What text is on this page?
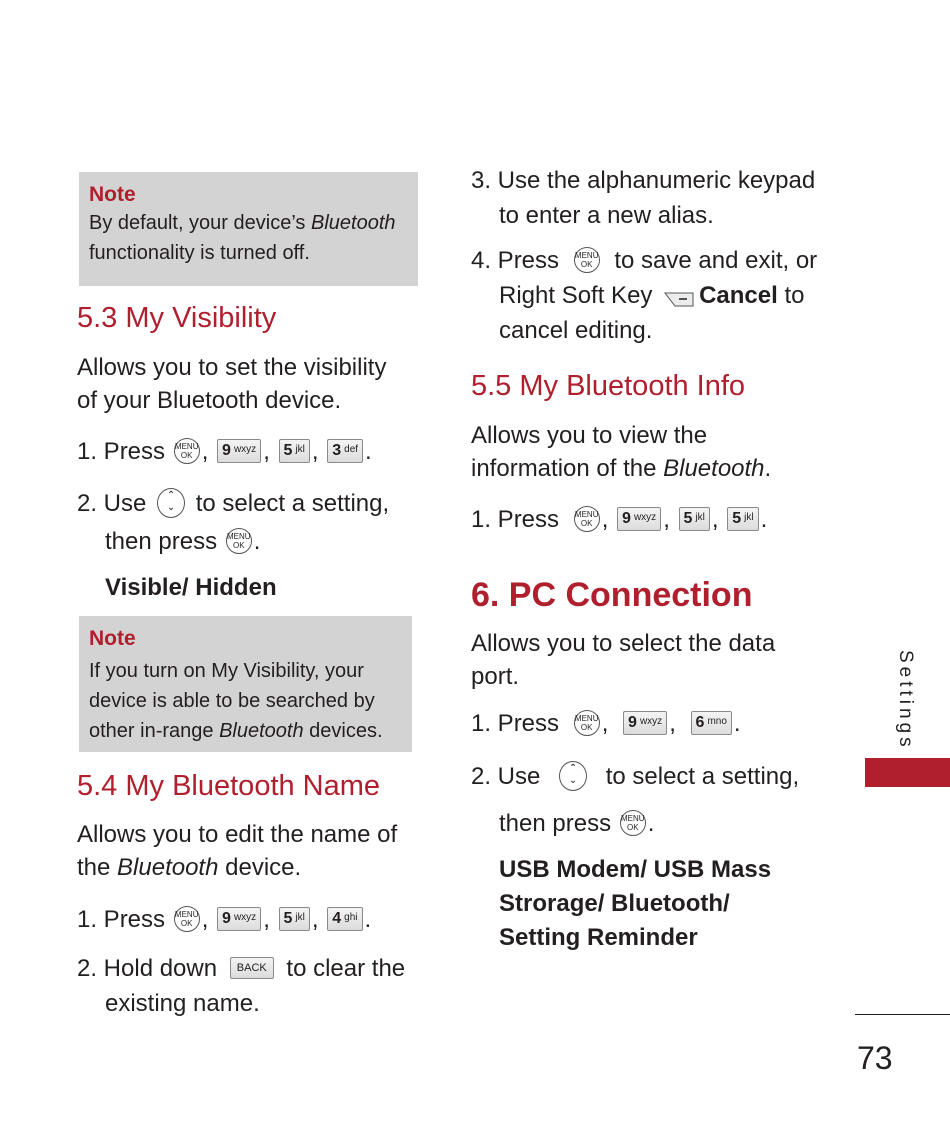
Note
By default, your device’s Bluetooth functionality is turned off.
5.3 My Visibility
Allows you to set the visibility of your Bluetooth device.
1. Press MENU
OK , 9 $^{wxyz}$ , 5 $^{jkl}$ , 3 $^{def}$ .
2. Use ⌃
⌄ to select a setting,
then press MENU
OK .
Visible/ Hidden
Note
If you turn on My Visibility, your device is able to be searched by other in-range Bluetooth devices.
5.4 My Bluetooth Name
Allows you to edit the name of the Bluetooth device.
1. Press MENU
OK , 9 $^{wxyz}$ , 5 $^{jkl}$ , 4 $^{ghi}$ .
2. Hold down BACK to clear the
existing name.
3. Use the alphanumeric keypad
to enter a new alias.
4. Press MENU
OK to save and exit, or
Right Soft Key Cancel to
cancel editing.
5.5 My Bluetooth Info
Allows you to view the information of the Bluetooth.
1. Press MENU
OK , 9 $^{wxyz}$ , 5 $^{jkl}$ , 5 $^{jkl}$ .
6. PC Connection
Allows you to select the data port.
1. Press MENU
OK , 9 $^{wxyz}$ , 6 $^{mno}$ .
2. Use	⌃
⌄ to select a setting,
then press MENU
OK .
USB Modem/ USB Mass
Strorage/ Bluetooth/
Setting Reminder
Settings
73
